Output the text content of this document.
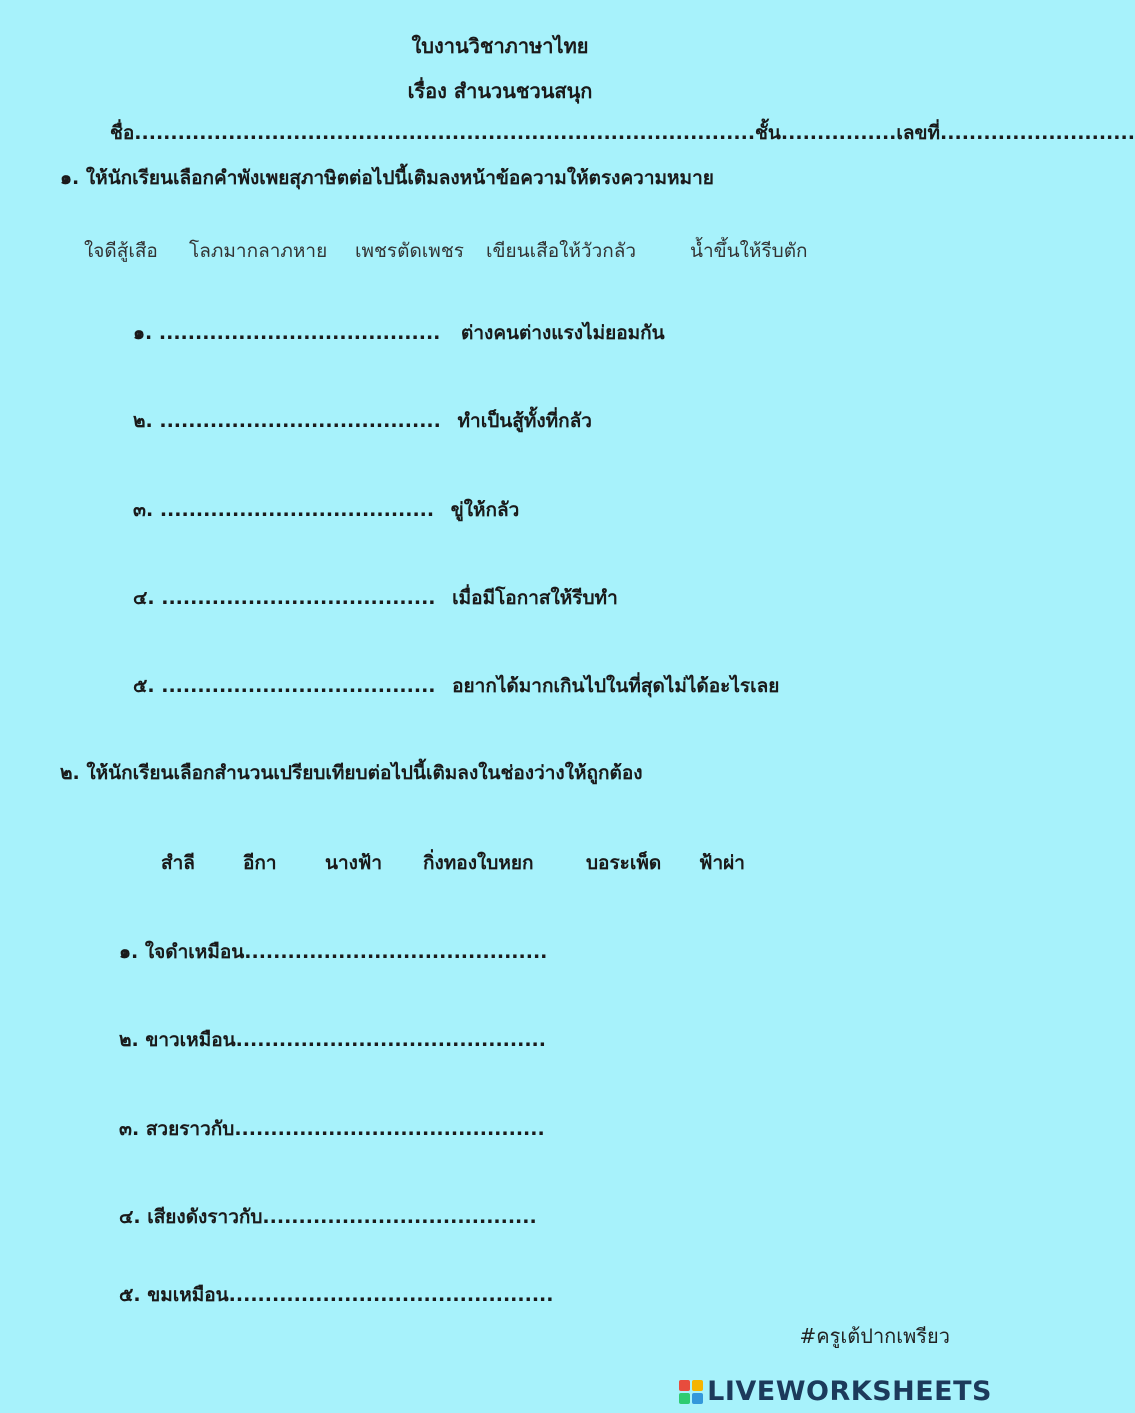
ใบงานวิชาภาษาไทย
เรื่อง สำนวนชวนสนุก
ชื่อ......................................................................................ชั้น................เลขที่...........................
๑. ให้นักเรียนเลือกคำพังเพยสุภาษิตต่อไปนี้เติมลงหน้าข้อความให้ตรงความหมาย
ใจดีสู้เสือ โลภมากลาภหาย เพชรตัดเพชร เขียนเสือให้วัวกลัว	น้ำขึ้นให้รีบตัก
๑. ....................................... ต่างคนต่างแรงไม่ยอมกัน
๒. ....................................... ทำเป็นสู้ทั้งที่กลัว
๓. ...................................... ขู่ให้กลัว
๔. ...................................... เมื่อมีโอกาสให้รีบทำ
๕. ...................................... อยากได้มากเกินไปในที่สุดไม่ได้อะไรเลย
๒. ให้นักเรียนเลือกสำนวนเปรียบเทียบต่อไปนี้เติมลงในช่องว่างให้ถูกต้อง
สำลี	อีกา	นางฟ้า กิ่งทองใบหยก	บอระเพ็ด ฟ้าผ่า
๑. ใจดำเหมือน..........................................
๒. ขาวเหมือน...........................................
๓. สวยราวกับ...........................................
๔. เสียงดังราวกับ......................................
๕. ขมเหมือน.............................................
#ครูเต้ปากเพรียว
LIVEWORKSHEETS
